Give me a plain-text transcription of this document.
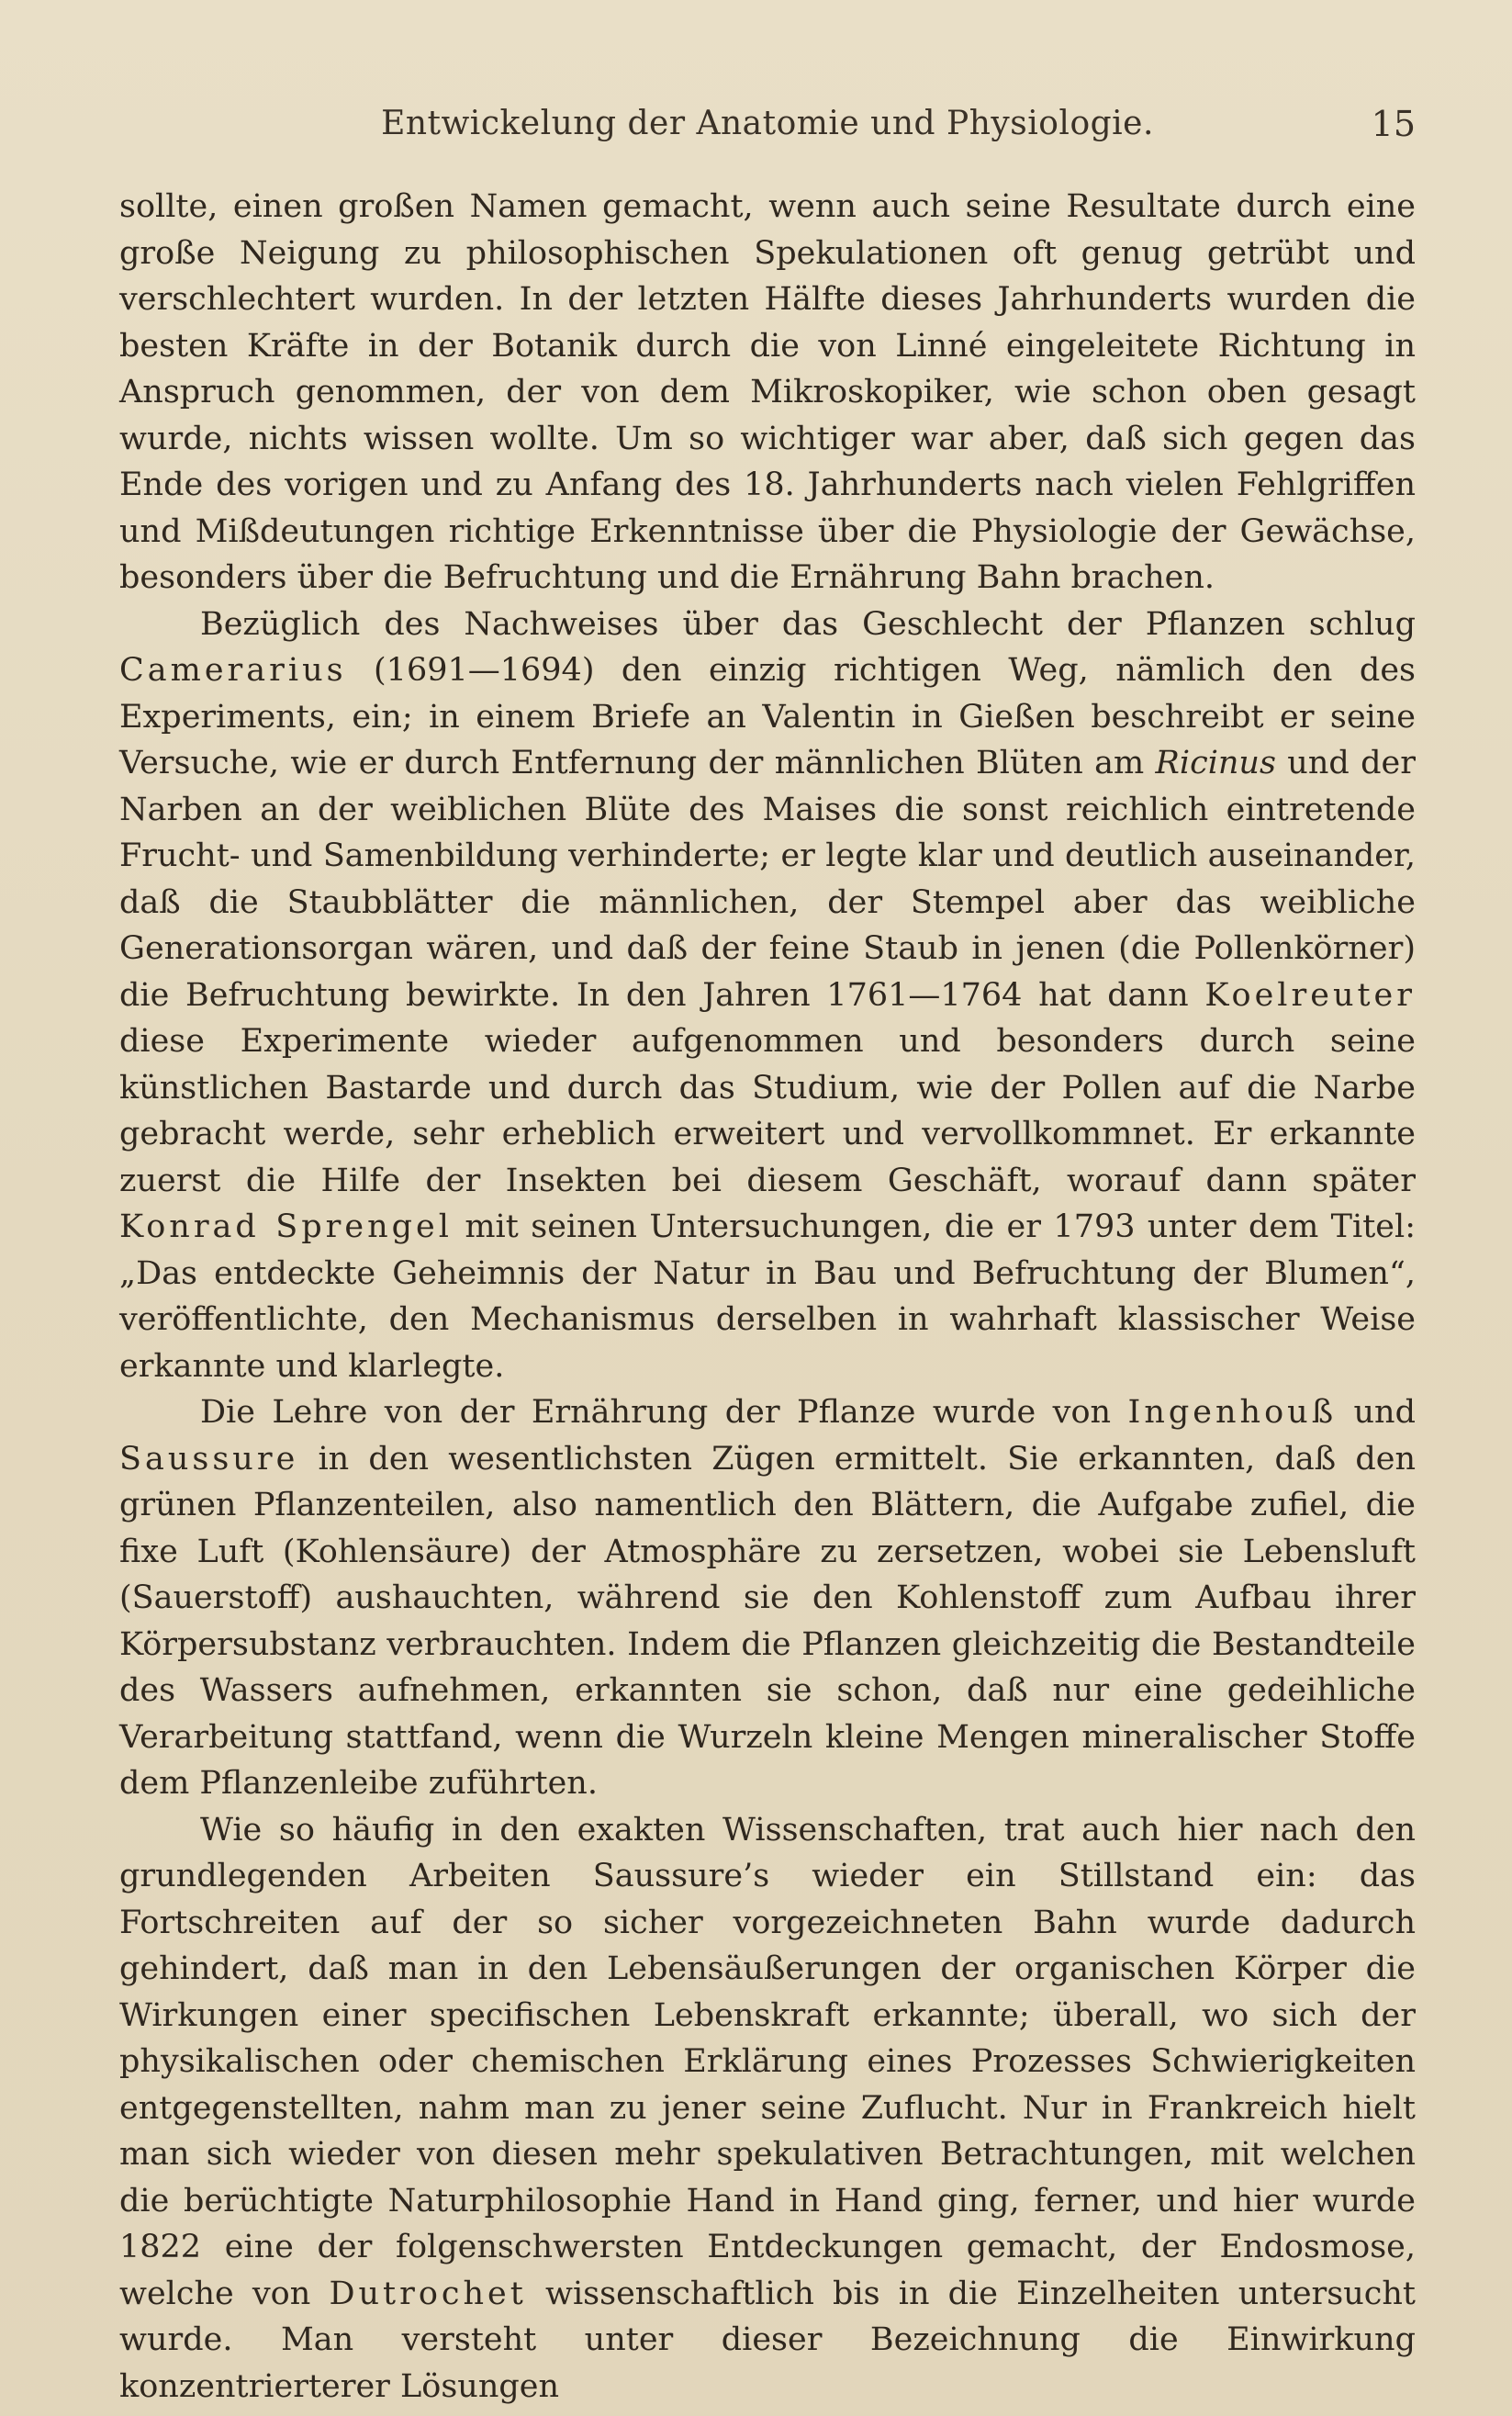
Entwickelung der Anatomie und Physiologie.	15

sollte, einen großen Namen gemacht, wenn auch seine Resultate durch eine große Neigung zu philosophischen Spekulationen oft genug getrübt und verschlechtert wurden. In der letzten Hälfte dieses Jahrhunderts wurden die besten Kräfte in der Botanik durch die von Linné eingeleitete Richtung in Anspruch genommen, der von dem Mikroskopiker, wie schon oben gesagt wurde, nichts wissen wollte. Um so wichtiger war aber, daß sich gegen das Ende des vorigen und zu Anfang des 18. Jahrhunderts nach vielen Fehlgriffen und Mißdeutungen richtige Erkenntnisse über die Physiologie der Gewächse, besonders über die Befruchtung und die Ernährung Bahn brachen.

Bezüglich des Nachweises über das Geschlecht der Pflanzen schlug Camerarius (1691—1694) den einzig richtigen Weg, nämlich den des Experiments, ein; in einem Briefe an Valentin in Gießen beschreibt er seine Versuche, wie er durch Entfernung der männlichen Blüten am Ricinus und der Narben an der weiblichen Blüte des Maises die sonst reichlich eintretende Frucht- und Samenbildung verhinderte; er legte klar und deutlich auseinander, daß die Staubblätter die männlichen, der Stempel aber das weibliche Generationsorgan wären, und daß der feine Staub in jenen (die Pollenkörner) die Befruchtung bewirkte. In den Jahren 1761—1764 hat dann Koelreuter diese Experimente wieder aufgenommen und besonders durch seine künstlichen Bastarde und durch das Studium, wie der Pollen auf die Narbe gebracht werde, sehr erheblich erweitert und vervollkommnet. Er erkannte zuerst die Hilfe der Insekten bei diesem Geschäft, worauf dann später Konrad Sprengel mit seinen Untersuchungen, die er 1793 unter dem Titel: „Das entdeckte Geheimnis der Natur in Bau und Befruchtung der Blumen“, veröffentlichte, den Mechanismus derselben in wahrhaft klassischer Weise erkannte und klarlegte.

Die Lehre von der Ernährung der Pflanze wurde von Ingenhouß und Saussure in den wesentlichsten Zügen ermittelt. Sie erkannten, daß den grünen Pflanzenteilen, also namentlich den Blättern, die Aufgabe zufiel, die fixe Luft (Kohlensäure) der Atmosphäre zu zersetzen, wobei sie Lebensluft (Sauerstoff) aushauchten, während sie den Kohlenstoff zum Aufbau ihrer Körpersubstanz verbrauchten. Indem die Pflanzen gleichzeitig die Bestandteile des Wassers aufnehmen, erkannten sie schon, daß nur eine gedeihliche Verarbeitung stattfand, wenn die Wurzeln kleine Mengen mineralischer Stoffe dem Pflanzenleibe zuführten.

Wie so häufig in den exakten Wissenschaften, trat auch hier nach den grundlegenden Arbeiten Saussure’s wieder ein Stillstand ein: das Fortschreiten auf der so sicher vorgezeichneten Bahn wurde dadurch gehindert, daß man in den Lebensäußerungen der organischen Körper die Wirkungen einer specifischen Lebenskraft erkannte; überall, wo sich der physikalischen oder chemischen Erklärung eines Prozesses Schwierigkeiten entgegenstellten, nahm man zu jener seine Zuflucht. Nur in Frankreich hielt man sich wieder von diesen mehr spekulativen Betrachtungen, mit welchen die berüchtigte Naturphilosophie Hand in Hand ging, ferner, und hier wurde 1822 eine der folgenschwersten Entdeckungen gemacht, der Endosmose, welche von Dutrochet wissenschaftlich bis in die Einzelheiten untersucht wurde. Man versteht unter dieser Bezeichnung die Einwirkung konzentrierterer Lösungen
